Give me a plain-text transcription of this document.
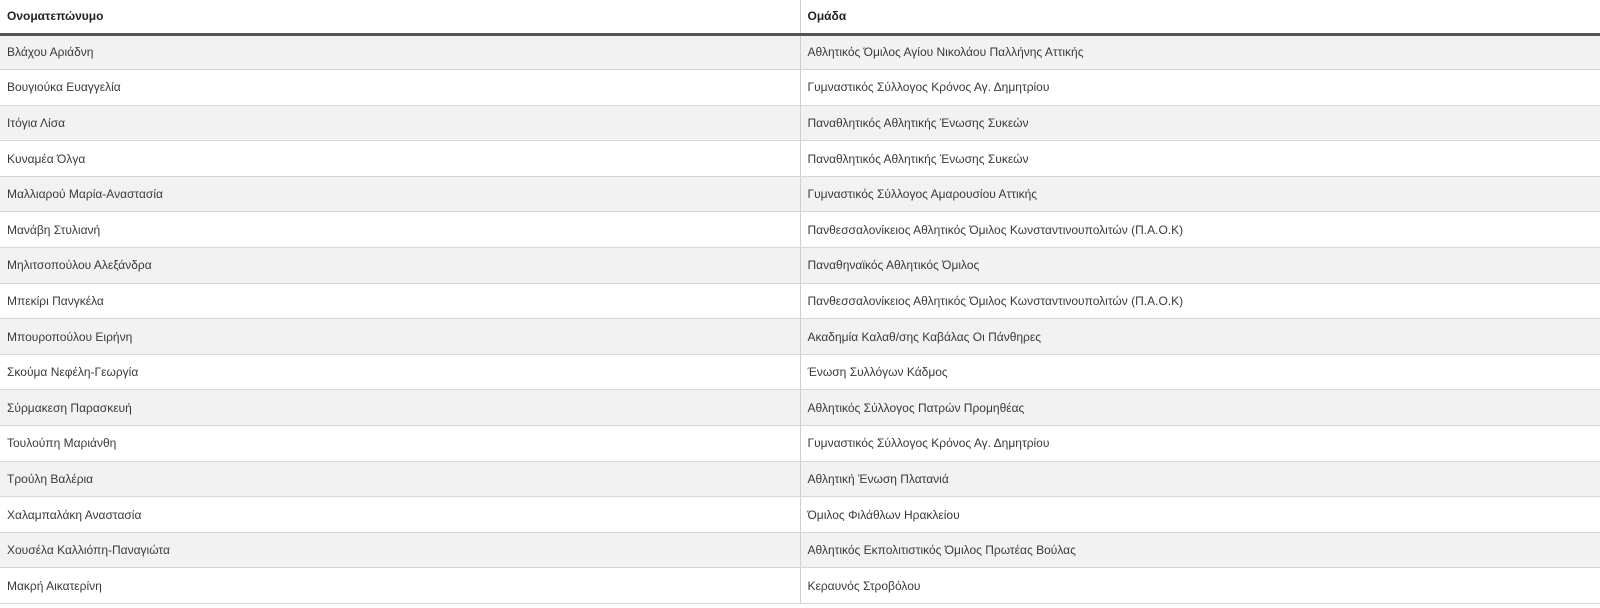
Ονοματεπώνυμο	Ομάδα
Βλάχου Αριάδνη	Αθλητικός Όμιλος Αγίου Νικολάου Παλλήνης Αττικής
Βουγιούκα Ευαγγελία	Γυμναστικός Σύλλογος Κρόνος Αγ. Δημητρίου
Ιτόγια Λίσα	Παναθλητικός Αθλητικής Ένωσης Συκεών
Κυναμέα Όλγα	Παναθλητικός Αθλητικής Ένωσης Συκεών
Μαλλιαρού Μαρία-Αναστασία	Γυμναστικός Σύλλογος Αμαρουσίου Αττικής
Μανάβη Στυλιανή	Πανθεσσαλονίκειος Αθλητικός Όμιλος Κωνσταντινουπολιτών (Π.Α.Ο.Κ)
Μηλιτσοπούλου Αλεξάνδρα	Παναθηναϊκός Αθλητικός Όμιλος
Μπεκίρι Πανγκέλα	Πανθεσσαλονίκειος Αθλητικός Όμιλος Κωνσταντινουπολιτών (Π.Α.Ο.Κ)
Μπουροπούλου Ειρήνη	Ακαδημία Καλαθ/σης Καβάλας Οι Πάνθηρες
Σκούμα Νεφέλη-Γεωργία	Ένωση Συλλόγων Κάδμος
Σύρμακεση Παρασκευή	Αθλητικός Σύλλογος Πατρών Προμηθέας
Τουλούπη Μαριάνθη	Γυμναστικός Σύλλογος Κρόνος Αγ. Δημητρίου
Τρούλη Βαλέρια	Αθλητική Ένωση Πλατανιά
Χαλαμπαλάκη Αναστασία	Όμιλος Φιλάθλων Ηρακλείου
Χουσέλα Καλλιόπη-Παναγιώτα	Αθλητικός Εκπολιτιστικός Όμιλος Πρωτέας Βούλας
Μακρή Αικατερίνη	Κεραυνός Στροβόλου
